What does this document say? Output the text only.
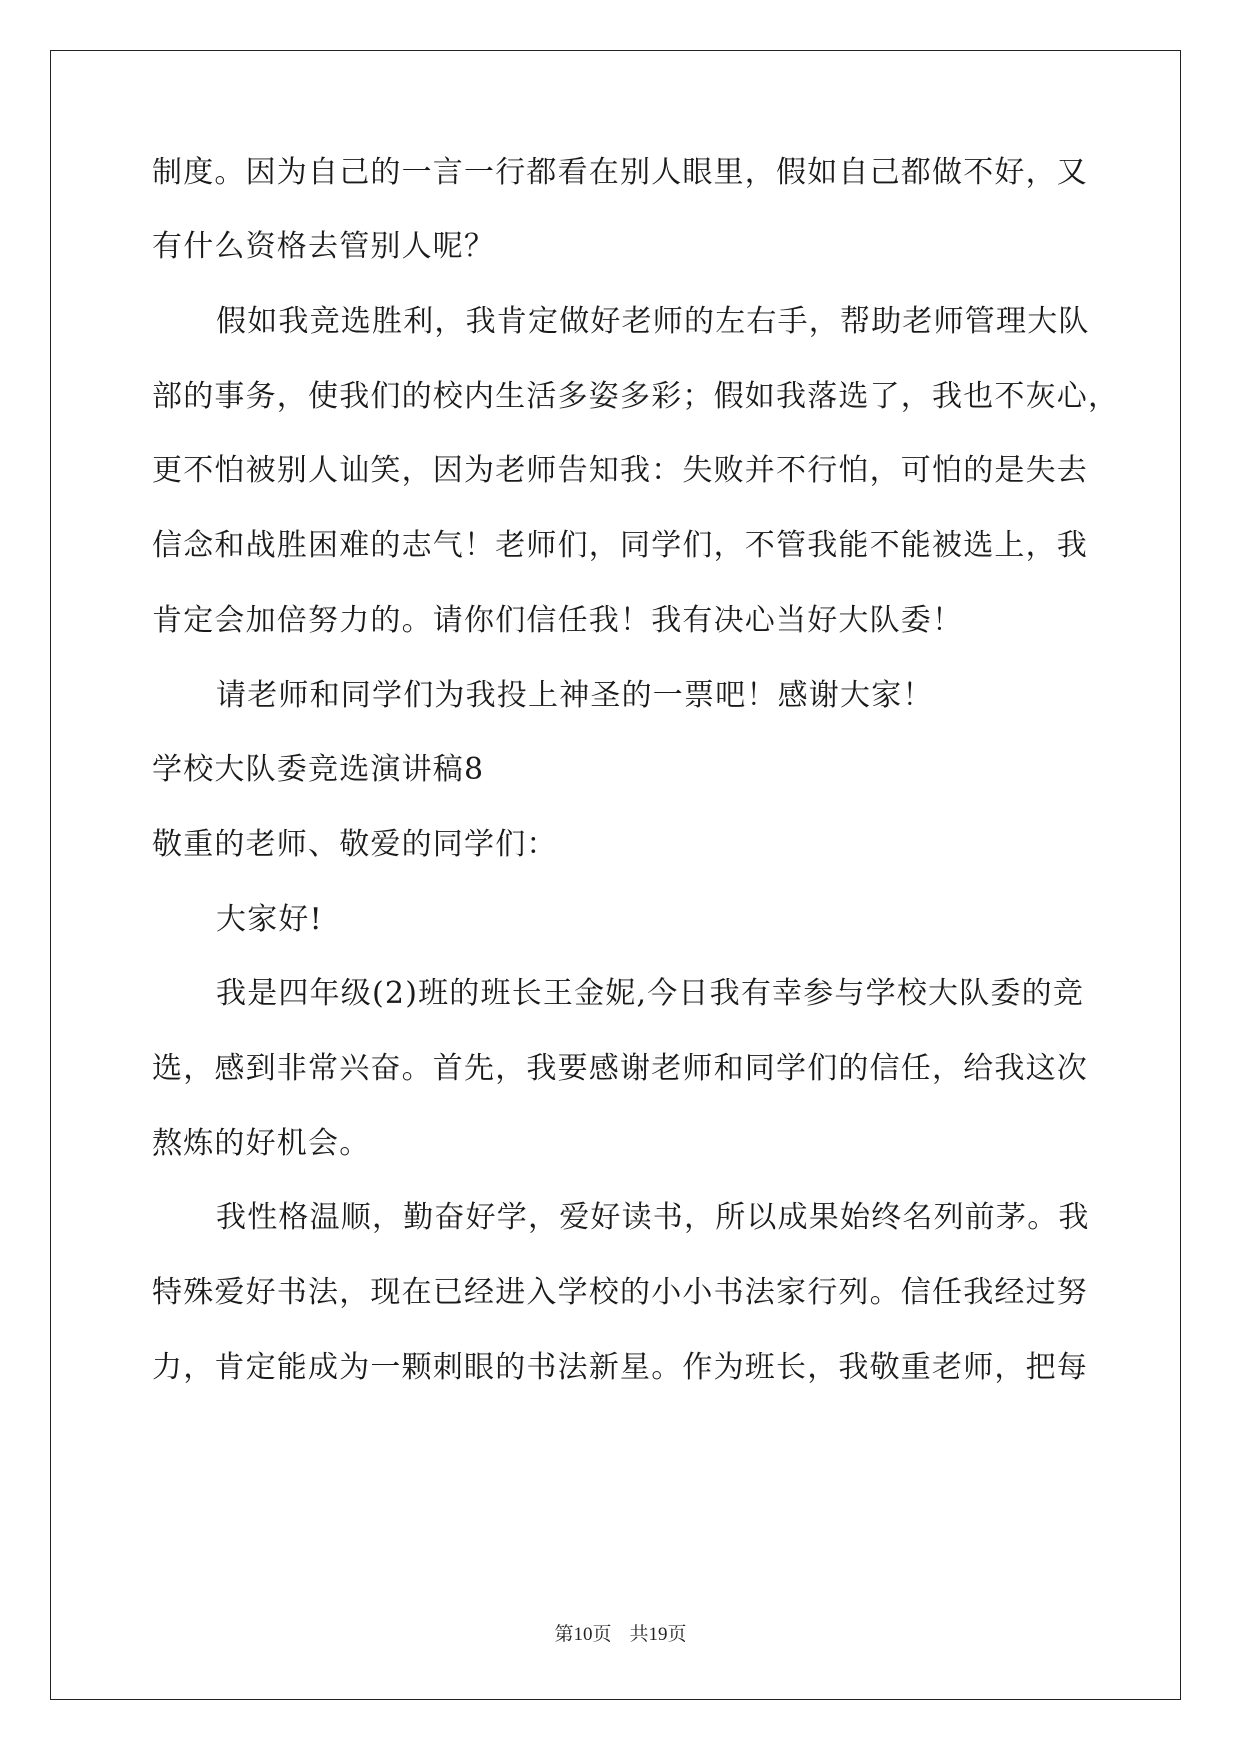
制度。因为自己的一言一行都看在别人眼里，假如自己都做不好，又
有什么资格去管别人呢？
假如我竞选胜利，我肯定做好老师的左右手，帮助老师管理大队
部的事务，使我们的校内生活多姿多彩；假如我落选了，我也不灰心，
更不怕被别人讪笑，因为老师告知我：失败并不行怕，可怕的是失去
信念和战胜困难的志气！老师们，同学们，不管我能不能被选上，我
肯定会加倍努力的。请你们信任我！我有决心当好大队委！
请老师和同学们为我投上神圣的一票吧！感谢大家！
学校大队委竞选演讲稿8
敬重的老师、敬爱的同学们：
大家好!
我是四年级(2)班的班长王金妮,今日我有幸参与学校大队委的竞
选，感到非常兴奋。首先，我要感谢老师和同学们的信任，给我这次
熬炼的好机会。
我性格温顺，勤奋好学，爱好读书，所以成果始终名列前茅。我
特殊爱好书法，现在已经进入学校的小小书法家行列。信任我经过努
力，肯定能成为一颗刺眼的书法新星。作为班长，我敬重老师，把每
第10页 共19页
